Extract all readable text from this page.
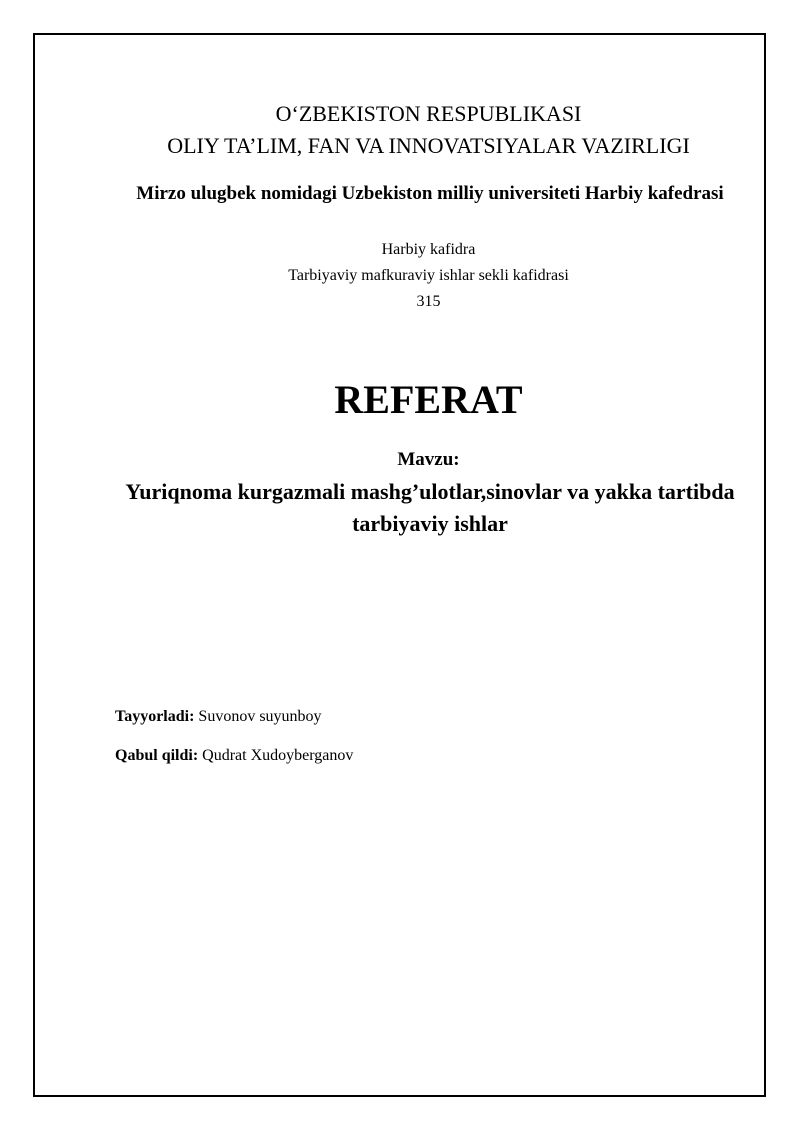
O‘ZBEKISTON RESPUBLIKASI
OLIY TA’LIM, FAN VA INNOVATSIYALAR VAZIRLIGI
Mirzo ulugbek nomidagi Uzbekiston milliy universiteti Harbiy kafedrasi
Harbiy kafidra
Tarbiyaviy mafkuraviy ishlar sekli kafidrasi
315
REFERAT
Mavzu:
Yuriqnoma kurgazmali mashg’ulotlar,sinovlar va yakka tartibda tarbiyaviy ishlar
Tayyorladi: Suvonov suyunboy
Qabul qildi: Qudrat Xudoyberganov
